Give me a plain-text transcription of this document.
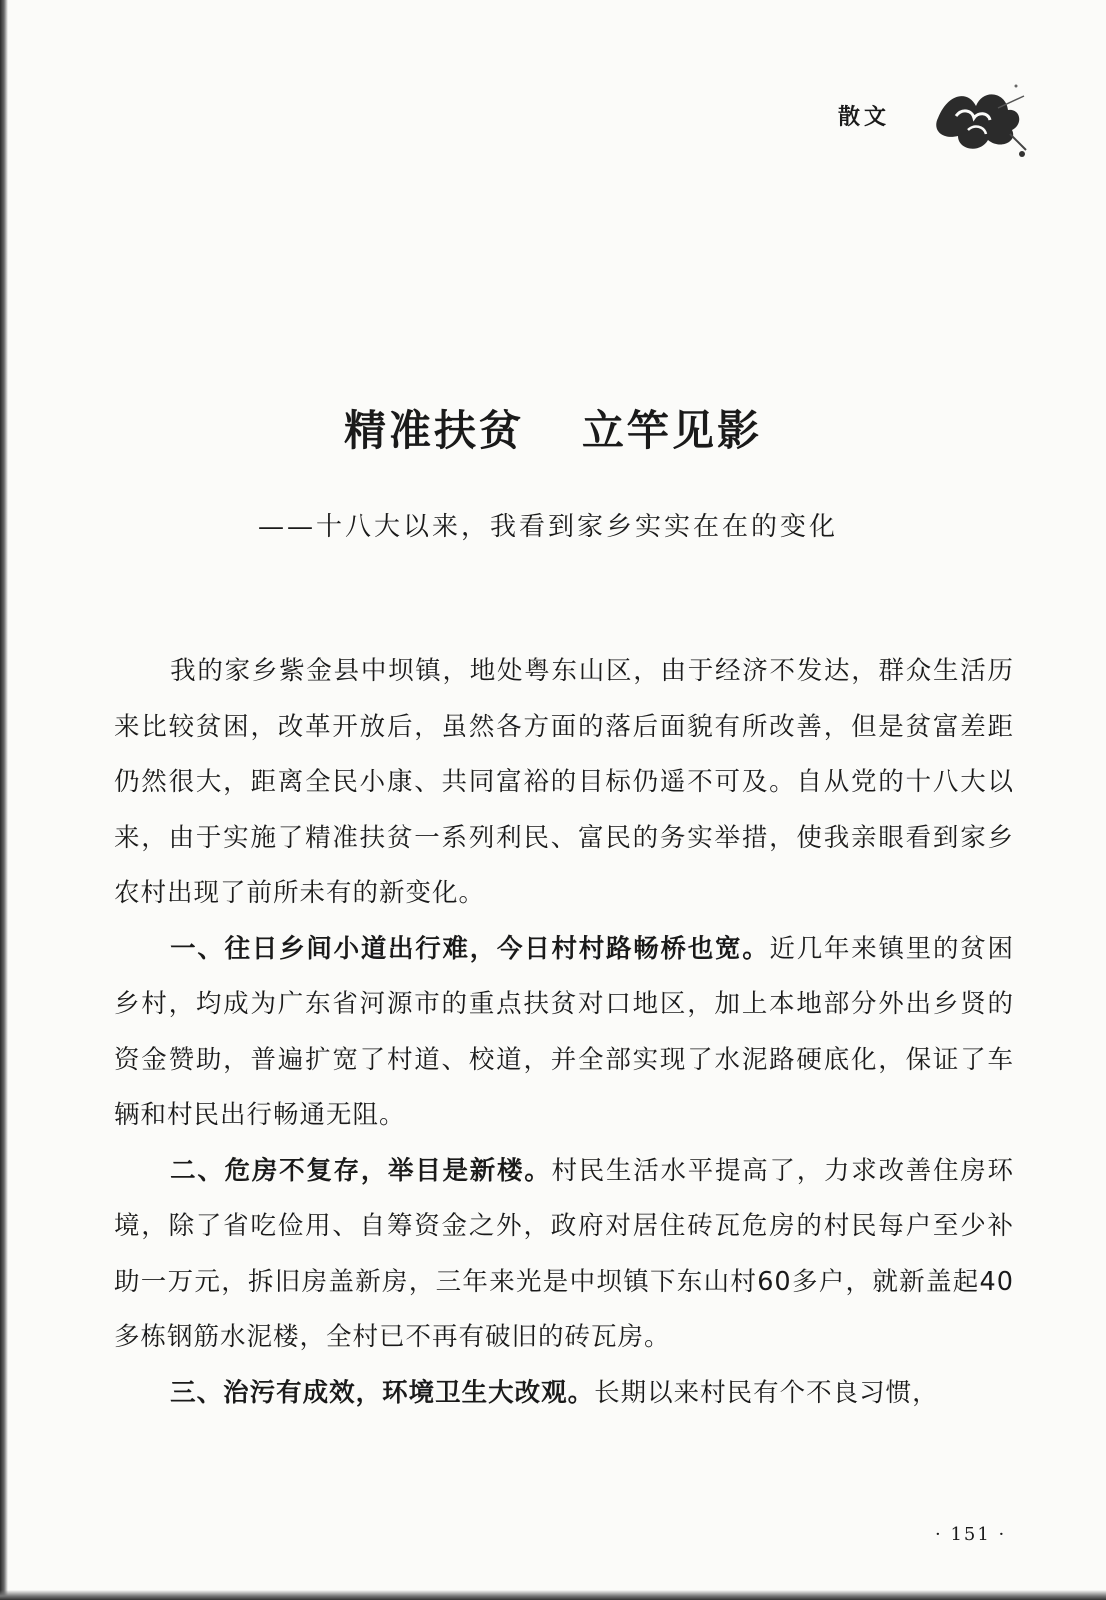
散文
精准扶贫 立竿见影
——十八大以来，我看到家乡实实在在的变化

我的家乡紫金县中坝镇，地处粤东山区，由于经济不发达，群众生活历来比较贫困，改革开放后，虽然各方面的落后面貌有所改善，但是贫富差距仍然很大，距离全民小康、共同富裕的目标仍遥不可及。自从党的十八大以来，由于实施了精准扶贫一系列利民、富民的务实举措，使我亲眼看到家乡农村出现了前所未有的新变化。

一、往日乡间小道出行难，今日村村路畅桥也宽。近几年来镇里的贫困乡村，均成为广东省河源市的重点扶贫对口地区，加上本地部分外出乡贤的资金赞助，普遍扩宽了村道、校道，并全部实现了水泥路硬底化，保证了车辆和村民出行畅通无阻。

二、危房不复存，举目是新楼。村民生活水平提高了，力求改善住房环境，除了省吃俭用、自筹资金之外，政府对居住砖瓦危房的村民每户至少补助一万元，拆旧房盖新房，三年来光是中坝镇下东山村60多户，就新盖起40多栋钢筋水泥楼，全村已不再有破旧的砖瓦房。

三、治污有成效，环境卫生大改观。长期以来村民有个不良习惯，

· 151 ·
